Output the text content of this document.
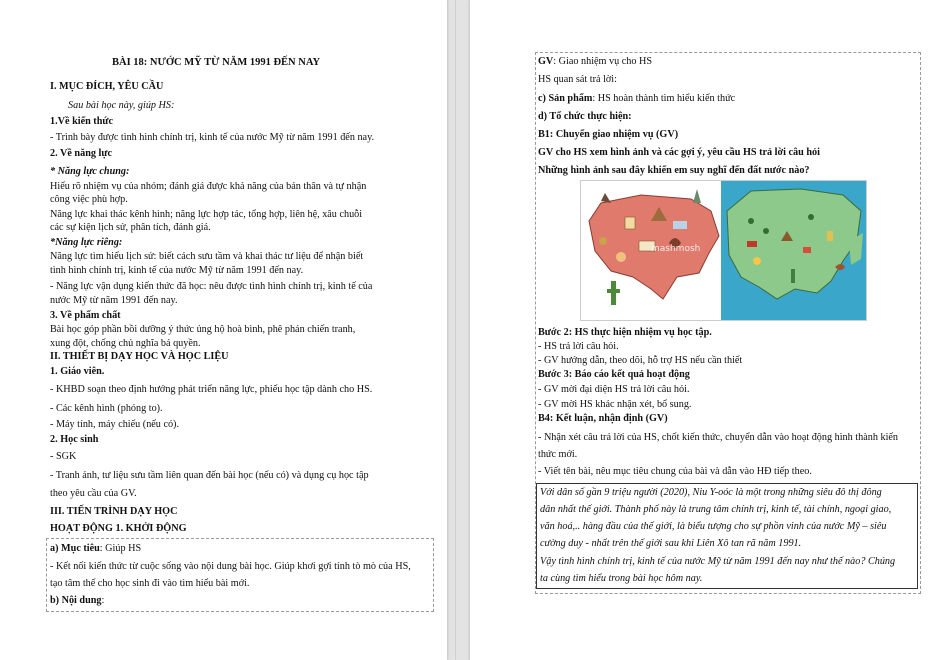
BÀI 18: NƯỚC MỸ TỪ NĂM 1991 ĐẾN NAY
I. MỤC ĐÍCH, YÊU CẦU
Sau bài học này, giúp HS:
1.Về kiến thức
- Trình bày được tình hình chính trị, kinh tế của nước Mỹ từ năm 1991 đến nay.
2. Về năng lực
* Năng lực chung:
Hiểu rõ nhiệm vụ của nhóm; đánh giá được khả năng của bản thân và tự nhận
công việc phù hợp.
Năng lực khai thác kênh hình; năng lực hợp tác, tổng hợp, liên hệ, xâu chuỗi
các sự kiện lịch sử, phân tích, đánh giá.
*Năng lực riêng:
Năng lực tìm hiểu lịch sử: biết cách sưu tầm và khai thác tư liệu để nhận biết
tình hình chính trị, kinh tế của nước Mỹ từ năm 1991 đến nay.
- Năng lực vận dụng kiến thức đã học: nêu được tình hình chính trị, kinh tế của
nước Mỹ từ năm 1991 đến nay.
3. Về phẩm chất
Bài học góp phần bồi dưỡng ý thức ủng hộ hoà bình, phê phán chiến tranh,
xung đột, chống chủ nghĩa bá quyền.
II. THIẾT BỊ DẠY HỌC VÀ HỌC LIỆU
1. Giáo viên.
- KHBD soạn theo định hướng phát triển năng lực, phiếu học tập dành cho HS.
- Các kênh hình (phóng to).
- Máy tính, máy chiếu (nếu có).
2. Học sinh
- SGK
- Tranh ảnh, tư liệu sưu tầm liên quan đến bài học (nếu có) và dụng cụ học tập
theo yêu cầu của GV.
III. TIẾN TRÌNH DẠY HỌC
HOẠT ĐỘNG 1. KHỞI ĐỘNG
a) Mục tiêu: Giúp HS
- Kết nối kiến thức từ cuộc sống vào nội dung bài học. Giúp khơi gợi tính tò mò của HS,
tạo tâm thế cho học sinh đi vào tìm hiểu bài mới.
b) Nội dung:
GV: Giao nhiệm vụ cho HS
HS quan sát trả lời:
c) Sản phẩm: HS hoàn thành tìm hiểu kiến thức
d) Tổ chức thực hiện:
B1: Chuyển giao nhiệm vụ (GV)
GV cho HS xem hình ảnh và các gợi ý, yêu cầu HS trả lời câu hỏi
Những hình ảnh sau đây khiến em suy nghĩ đến đất nước nào?
mashmosh
Bước 2: HS thực hiện nhiệm vụ học tập.
- HS trả lời câu hỏi.
- GV hướng dẫn, theo dõi, hỗ trợ HS nếu cần thiết
Bước 3: Báo cáo kết quả hoạt động
- GV mời đại diện HS trả lời câu hỏi.
- GV mời HS khác nhận xét, bổ sung.
B4: Kết luận, nhận định (GV)
- Nhận xét câu trả lời của HS, chốt kiến thức, chuyển dẫn vào hoạt động hình thành kiến
thức mới.
- Viết tên bài, nêu mục tiêu chung của bài và dẫn vào HĐ tiếp theo.
Với dân số gần 9 triệu người (2020), Niu Y-oóc là một trong những siêu đô thị đông
dân nhất thế giới. Thành phố này là trung tâm chính trị, kinh tế, tài chính, ngoại giao,
văn hoá,.. hàng đầu của thế giới, là biểu tượng cho sự phồn vinh của nước Mỹ – siêu
cường duy - nhất trên thế giới sau khi Liên Xô tan rã năm 1991.
Vậy tình hình chính trị, kinh tế của nước Mỹ từ năm 1991 đến nay như thế nào? Chúng
ta cùng tìm hiểu trong bài học hôm nay.
